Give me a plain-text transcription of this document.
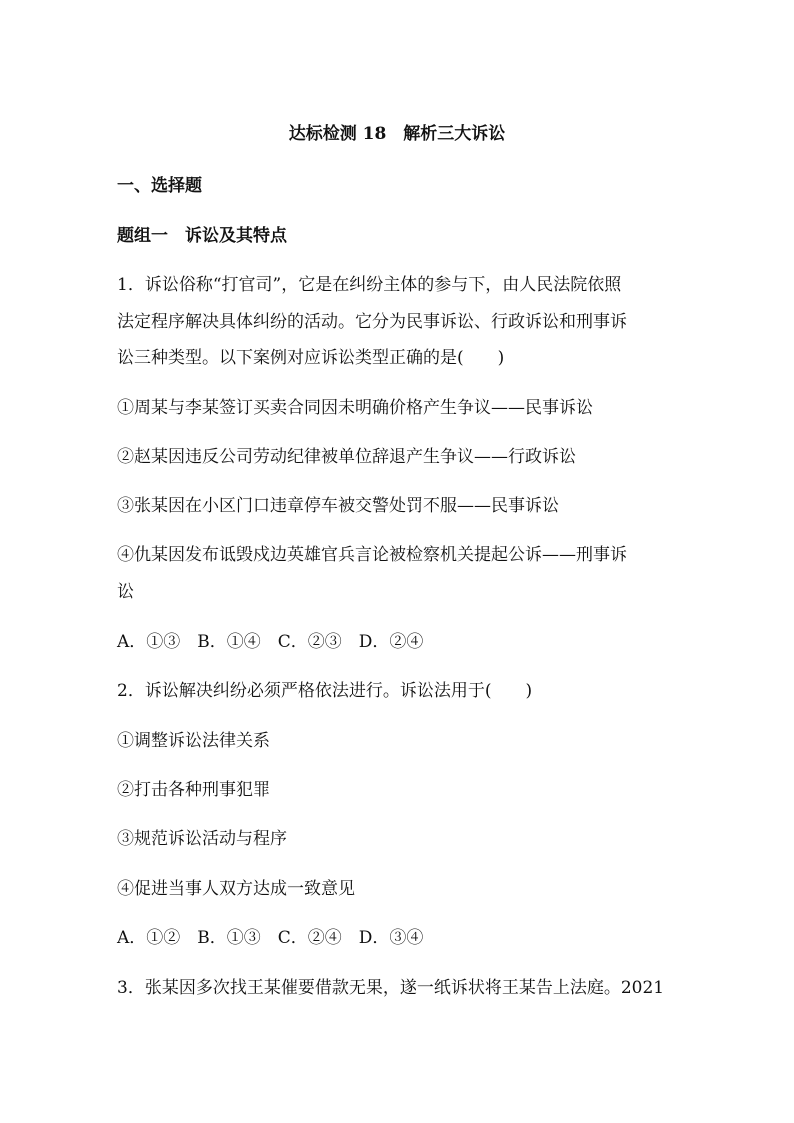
达标检测 18　解析三大诉讼
一、选择题
题组一　诉讼及其特点
1．诉讼俗称“打官司”，它是在纠纷主体的参与下，由人民法院依照
法定程序解决具体纠纷的活动。它分为民事诉讼、行政诉讼和刑事诉
讼三种类型。以下案例对应诉讼类型正确的是(　　)
①周某与李某签订买卖合同因未明确价格产生争议——民事诉讼
②赵某因违反公司劳动纪律被单位辞退产生争议——行政诉讼
③张某因在小区门口违章停车被交警处罚不服——民事诉讼
④仇某因发布诋毁戍边英雄官兵言论被检察机关提起公诉——刑事诉
讼
A．①③　B．①④　C．②③　D．②④
2．诉讼解决纠纷必须严格依法进行。诉讼法用于(　　)
①调整诉讼法律关系
②打击各种刑事犯罪
③规范诉讼活动与程序
④促进当事人双方达成一致意见
A．①②　B．①③　C．②④　D．③④
3．张某因多次找王某催要借款无果，遂一纸诉状将王某告上法庭。2021
